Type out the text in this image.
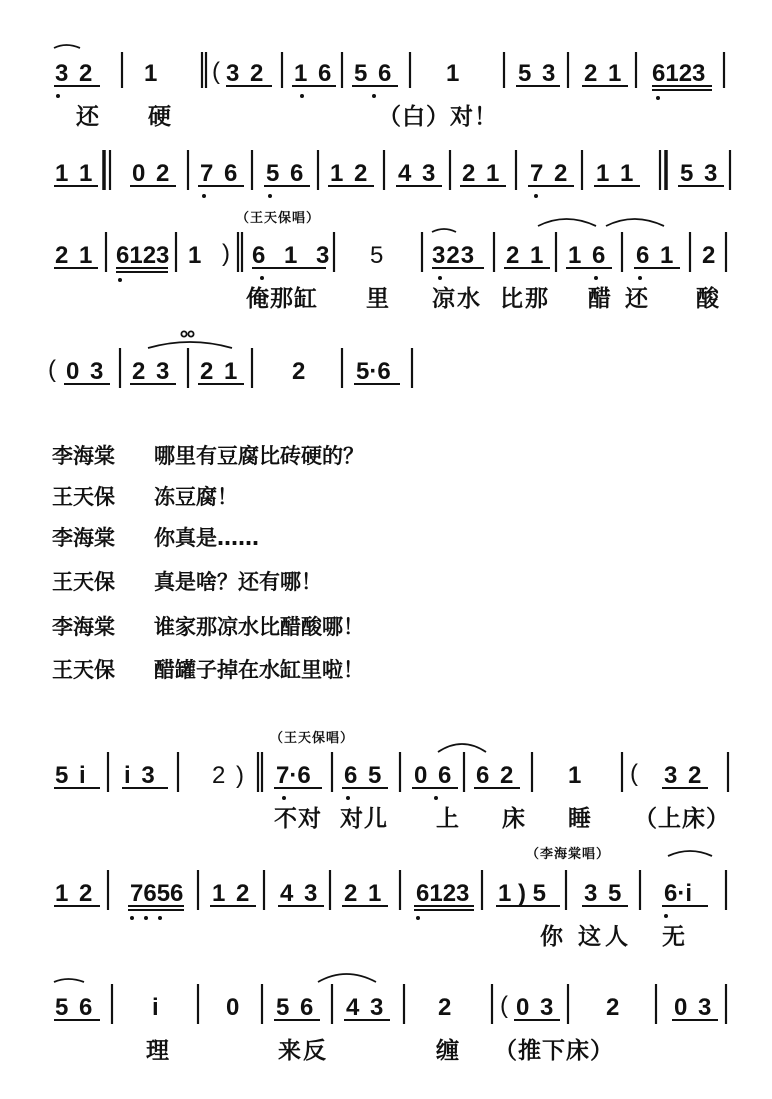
3 2 1 ( 3 2 1 6 5 6 1 5 3 2 1 6123
还 硬	（白）对！
1 1 0 2 7 6 5 6 1 2 4 3 2 1 7 2 1 1 5 3
（王天保唱）
2 1 6123 1 ) 6 1 3 5 323 2 1 1 6 6 1 2
俺那缸 里 凉水 比那 醋还 酸
( 0 3 2 3 2 1 2 5·6
李海棠 哪里有豆腐比砖硬的？
王天保 冻豆腐！
李海棠 你真是……
王天保 真是啥？还有哪！
李海棠 谁家那凉水比醋酸哪！
王天保 醋罐子掉在水缸里啦！
（王天保唱）
5 i i 3 2 ) 7·6 6 5 0 6 6 2 1 ( 3 2
不对 对儿 上 床 睡 （上床）
（李海棠唱）
1 2 7656 1 2 4 3 2 1 6123 1 ) 5 3 5 6·i
你 这人 无
5 6 i	0 5 6 4 3 2 ( 0 3 2 0 3
理	来反	缠 （推下床）
